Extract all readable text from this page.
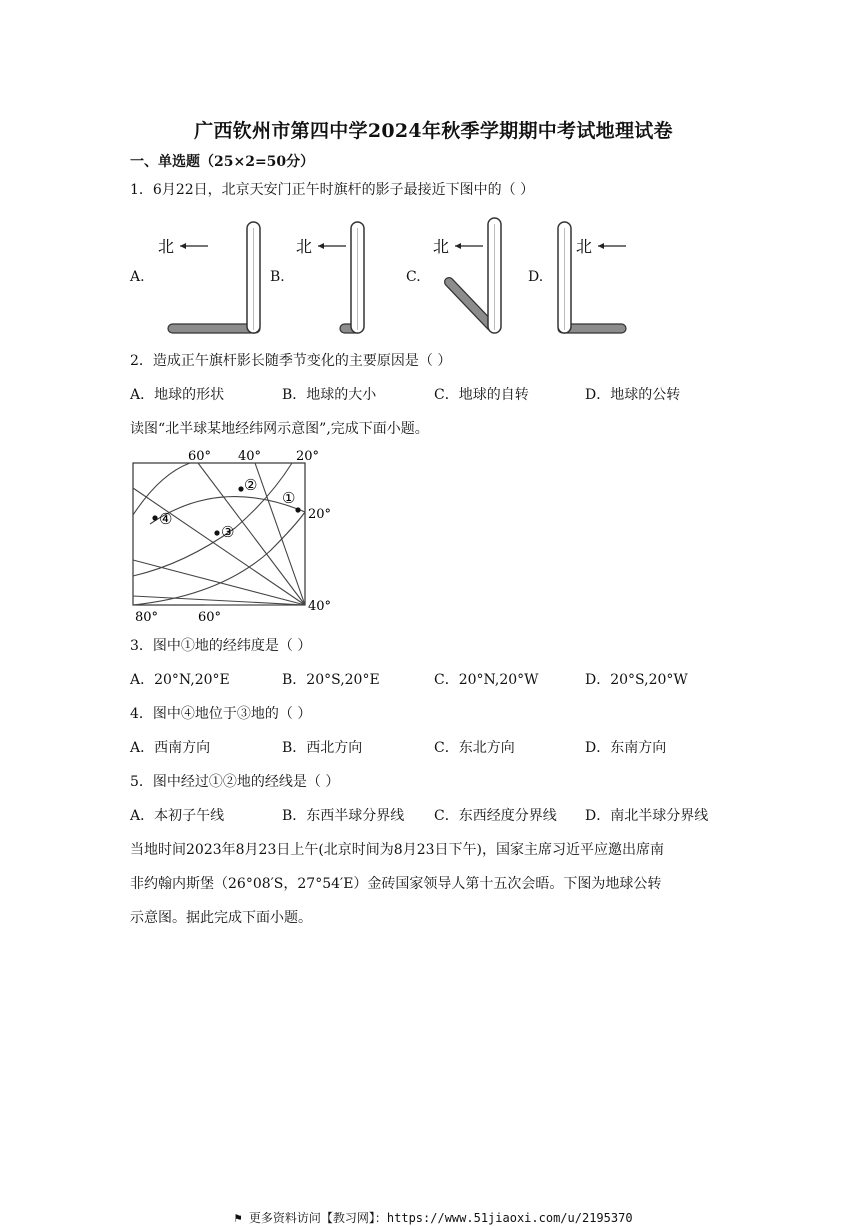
广西钦州市第四中学2024年秋季学期期中考试地理试卷
一、单选题（25×2=50分）
1．6月22日，北京天安门正午时旗杆的影子最接近下图中的（ ）
A.	B.	C.	D.
北	北	北	北
2．造成正午旗杆影长随季节变化的主要原因是（ ）
A．地球的形状	B．地球的大小	C．地球的自转	D．地球的公转
读图“北半球某地经纬网示意图”,完成下面小题。
①
②
③
④
60° 40°	20°
20°
40°
80°	60°
3．图中①地的经纬度是（ ）
A．20°N,20°E	B．20°S,20°E	C．20°N,20°W	D．20°S,20°W
4．图中④地位于③地的（ ）
A．西南方向	B．西北方向	C．东北方向	D．东南方向
5．图中经过①②地的经线是（ ）
A．本初子午线	B．东西半球分界线 C．东西经度分界线 D．南北半球分界线
当地时间2023年8月23日上午(北京时间为8月23日下午)，国家主席习近平应邀出席南
非约翰内斯堡（26°08′S，27°54′E）金砖国家领导人第十五次会晤。下图为地球公转
示意图。据此完成下面小题。
⚑ 更多资料访问【教习网】：https://www.51jiaoxi.com/u/2195370
